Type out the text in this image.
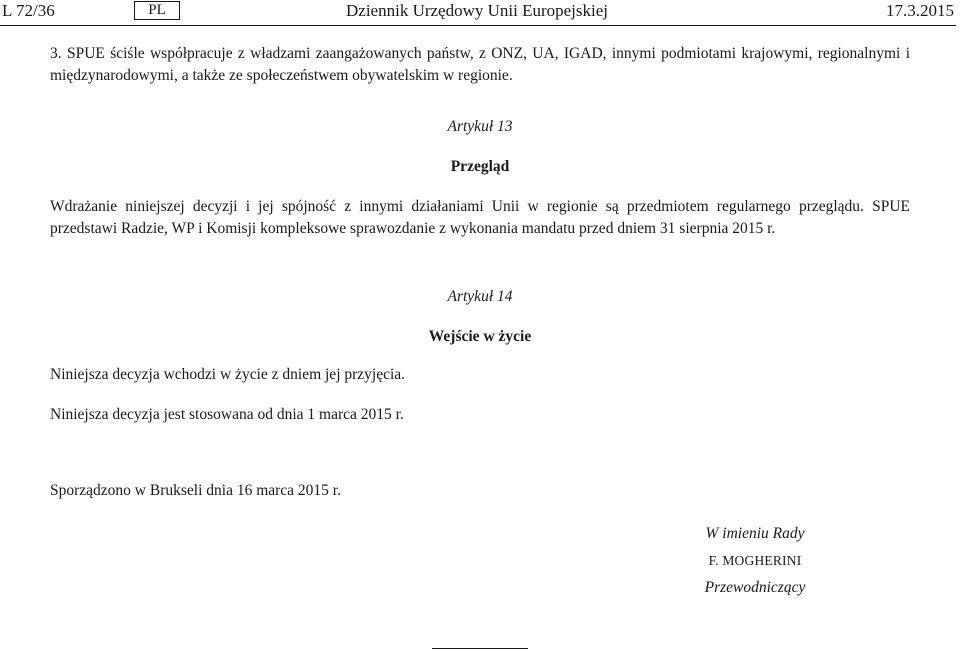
L 72/36	PL	Dziennik Urzędowy Unii Europejskiej	17.3.2015
3. SPUE ściśle współpracuje z władzami zaangażowanych państw, z ONZ, UA, IGAD, innymi podmiotami krajowymi, regionalnymi i międzynarodowymi, a także ze społeczeństwem obywatelskim w regionie.
Artykuł 13
Przegląd
Wdrażanie niniejszej decyzji i jej spójność z innymi działaniami Unii w regionie są przedmiotem regularnego przeglądu. SPUE przedstawi Radzie, WP i Komisji kompleksowe sprawozdanie z wykonania mandatu przed dniem 31 sierpnia 2015 r.
Artykuł 14
Wejście w życie
Niniejsza decyzja wchodzi w życie z dniem jej przyjęcia.
Niniejsza decyzja jest stosowana od dnia 1 marca 2015 r.
Sporządzono w Brukseli dnia 16 marca 2015 r.
W imieniu Rady
F. MOGHERINI
Przewodniczący
